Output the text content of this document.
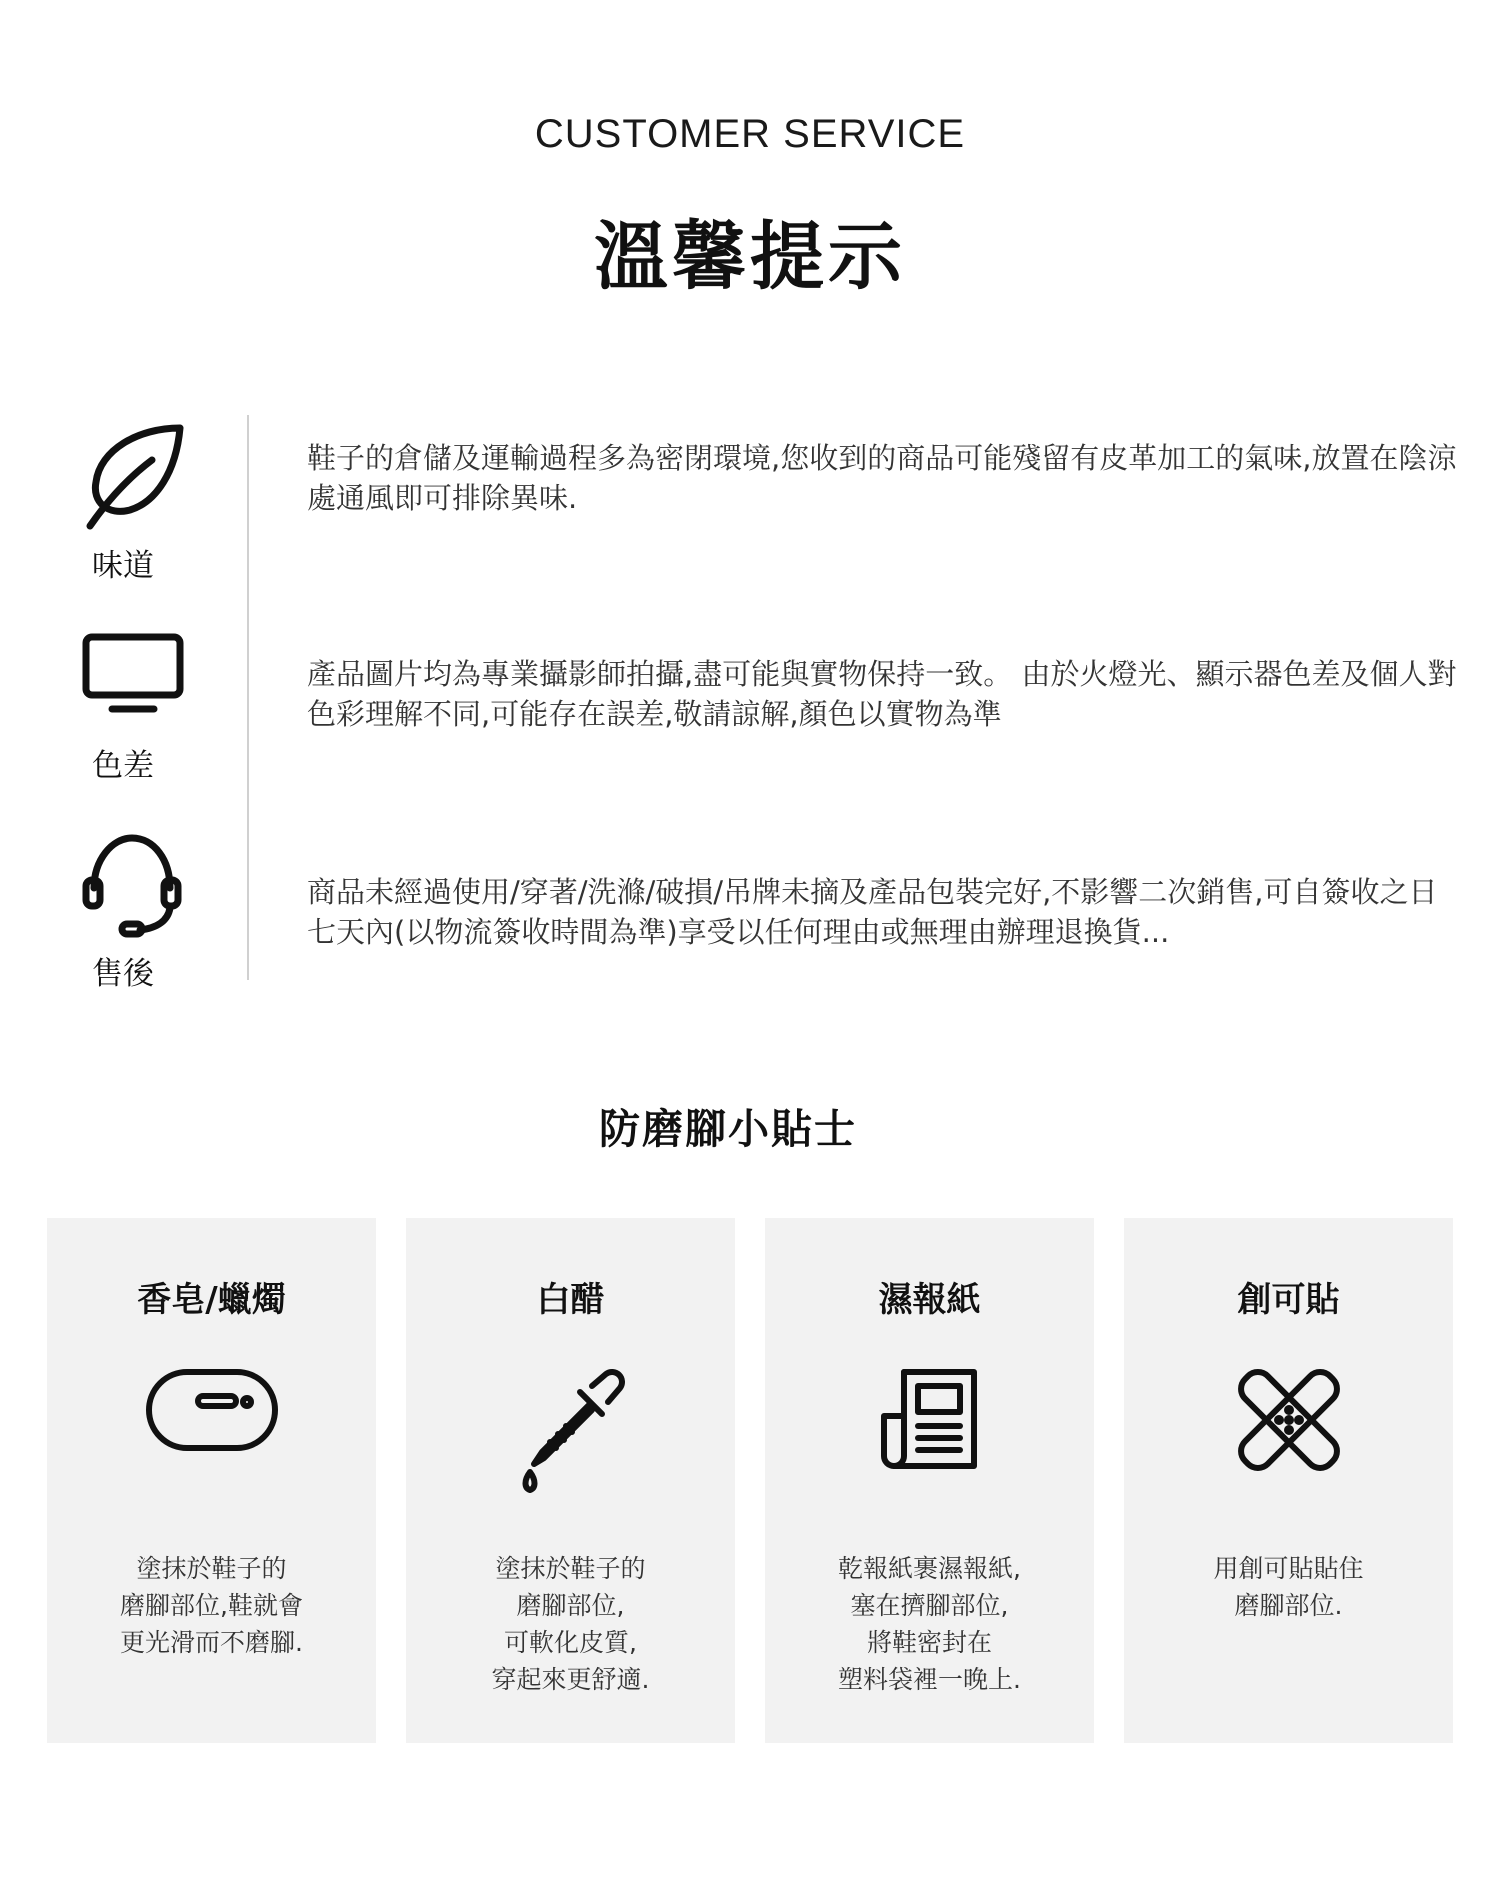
CUSTOMER SERVICE
溫馨提示
味道
鞋子的倉儲及運輸過程多為密閉環境,您收到的商品可能殘留有皮革加工的氣味,放置在陰涼處通風即可排除異味.
色差
產品圖片均為專業攝影師拍攝,盡可能與實物保持一致。 由於火燈光、顯示器色差及個人對色彩理解不同,可能存在誤差,敬請諒解,顏色以實物為準
售後
商品未經過使用/穿著/洗滌/破損/吊牌未摘及產品包裝完好,不影響二次銷售,可自簽收之日七天內(以物流簽收時間為準)享受以任何理由或無理由辦理退換貨...
防磨腳小貼士
香皂/蠟燭
塗抹於鞋子的
磨腳部位,鞋就會
更光滑而不磨腳.
白醋
塗抹於鞋子的
磨腳部位,
可軟化皮質,
穿起來更舒適.
濕報紙
乾報紙裹濕報紙,
塞在擠腳部位,
將鞋密封在
塑料袋裡一晚上.
創可貼
用創可貼貼住
磨腳部位.
